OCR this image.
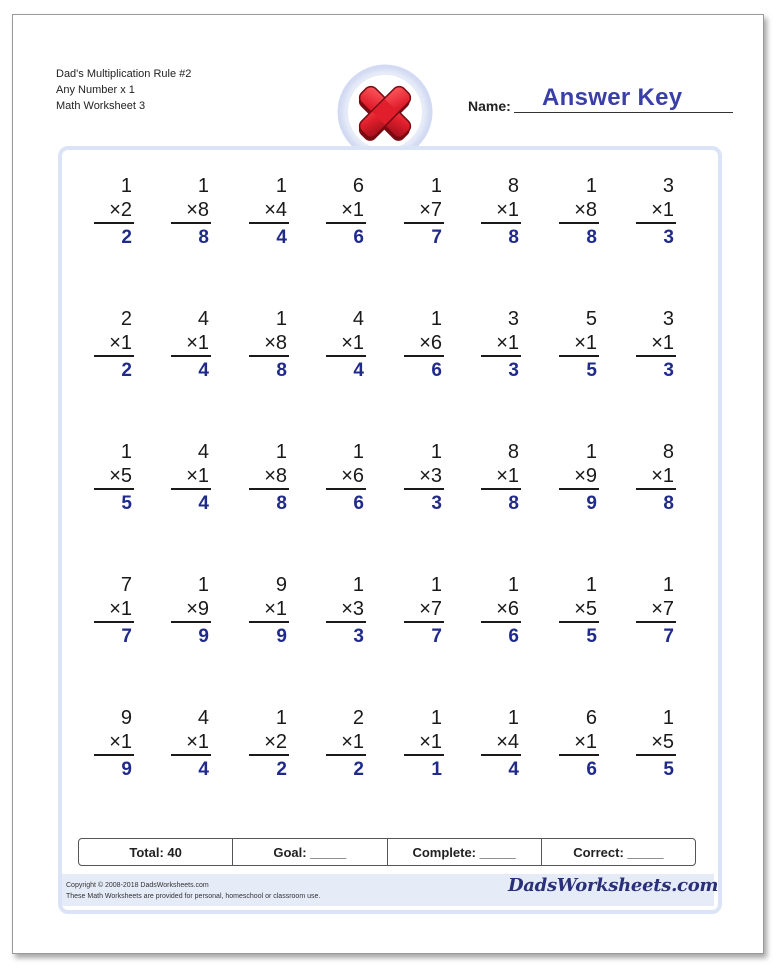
Dad's Multiplication Rule #2
Any Number x 1
Math Worksheet 3	Name: Answer Key
1
×2
2
1
×8
8
1
×4
4
6
×1
6
1
×7
7
8
×1
8
1
×8
8
3
×1
3
2
×1
2
4
×1
4
1
×8
8
4
×1
4
1
×6
6
3
×1
3
5
×1
5
3
×1
3
1
×5
5
4
×1
4
1
×8
8
1
×6
6
1
×3
3
8
×1
8
1
×9
9
8
×1
8
7
×1
7
1
×9
9
9
×1
9
1
×3
3
1
×7
7
1
×6
6
1
×5
5
1
×7
7
9
×1
9
4
×1
4
1
×2
2
2
×1
2
1
×1
1
1
×4
4
6
×1
6
1
×5
5
Total: 40	Goal: _____	Complete: _____	Correct: _____
Copyright © 2008-2018 DadsWorksheets.com
These Math Worksheets are provided for personal, homeschool or classroom use.
DadsWorksheets.com
